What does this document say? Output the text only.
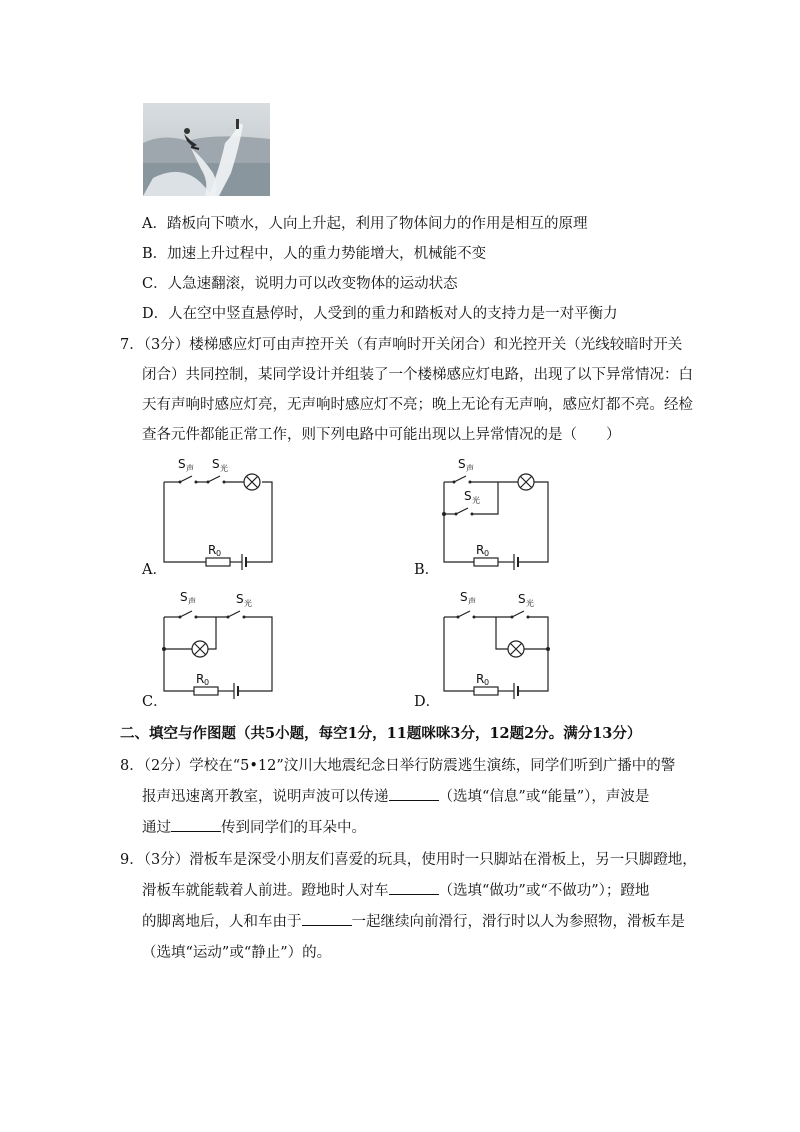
A．踏板向下喷水，人向上升起，利用了物体间力的作用是相互的原理
B．加速上升过程中，人的重力势能增大，机械能不变
C．人急速翻滚，说明力可以改变物体的运动状态
D．人在空中竖直悬停时，人受到的重力和踏板对人的支持力是一对平衡力
7．（3分）楼梯感应灯可由声控开关（有声响时开关闭合）和光控开关（光线较暗时开关
闭合）共同控制，某同学设计并组装了一个楼梯感应灯电路，出现了以下异常情况：白
天有声响时感应灯亮，无声响时感应灯不亮；晚上无论有无声响，感应灯都不亮。经检
查各元件都能正常工作，则下列电路中可能出现以上异常情况的是（　　）
S 声 S 光
R 0
A．
S 声
S 光
R 0
B．
S 声	S 光
R 0
C．
S 声	S 光
R 0
D．
二、填空与作图题（共5小题，每空1分，11题咪咪3分，12题2分。满分13分）
8．（2分）学校在“5•12”汶川大地震纪念日举行防震逃生演练，同学们听到广播中的警
报声迅速离开教室，说明声波可以传递	（选填“信息”或“能量”），声波是
通过	传到同学们的耳朵中。
9．（3分）滑板车是深受小朋友们喜爱的玩具，使用时一只脚站在滑板上，另一只脚蹬地，
滑板车就能载着人前进。蹬地时人对车	（选填“做功”或“不做功”）；蹬地
的脚离地后，人和车由于	一起继续向前滑行，滑行时以人为参照物，滑板车是
（选填“运动”或“静止”）的。
